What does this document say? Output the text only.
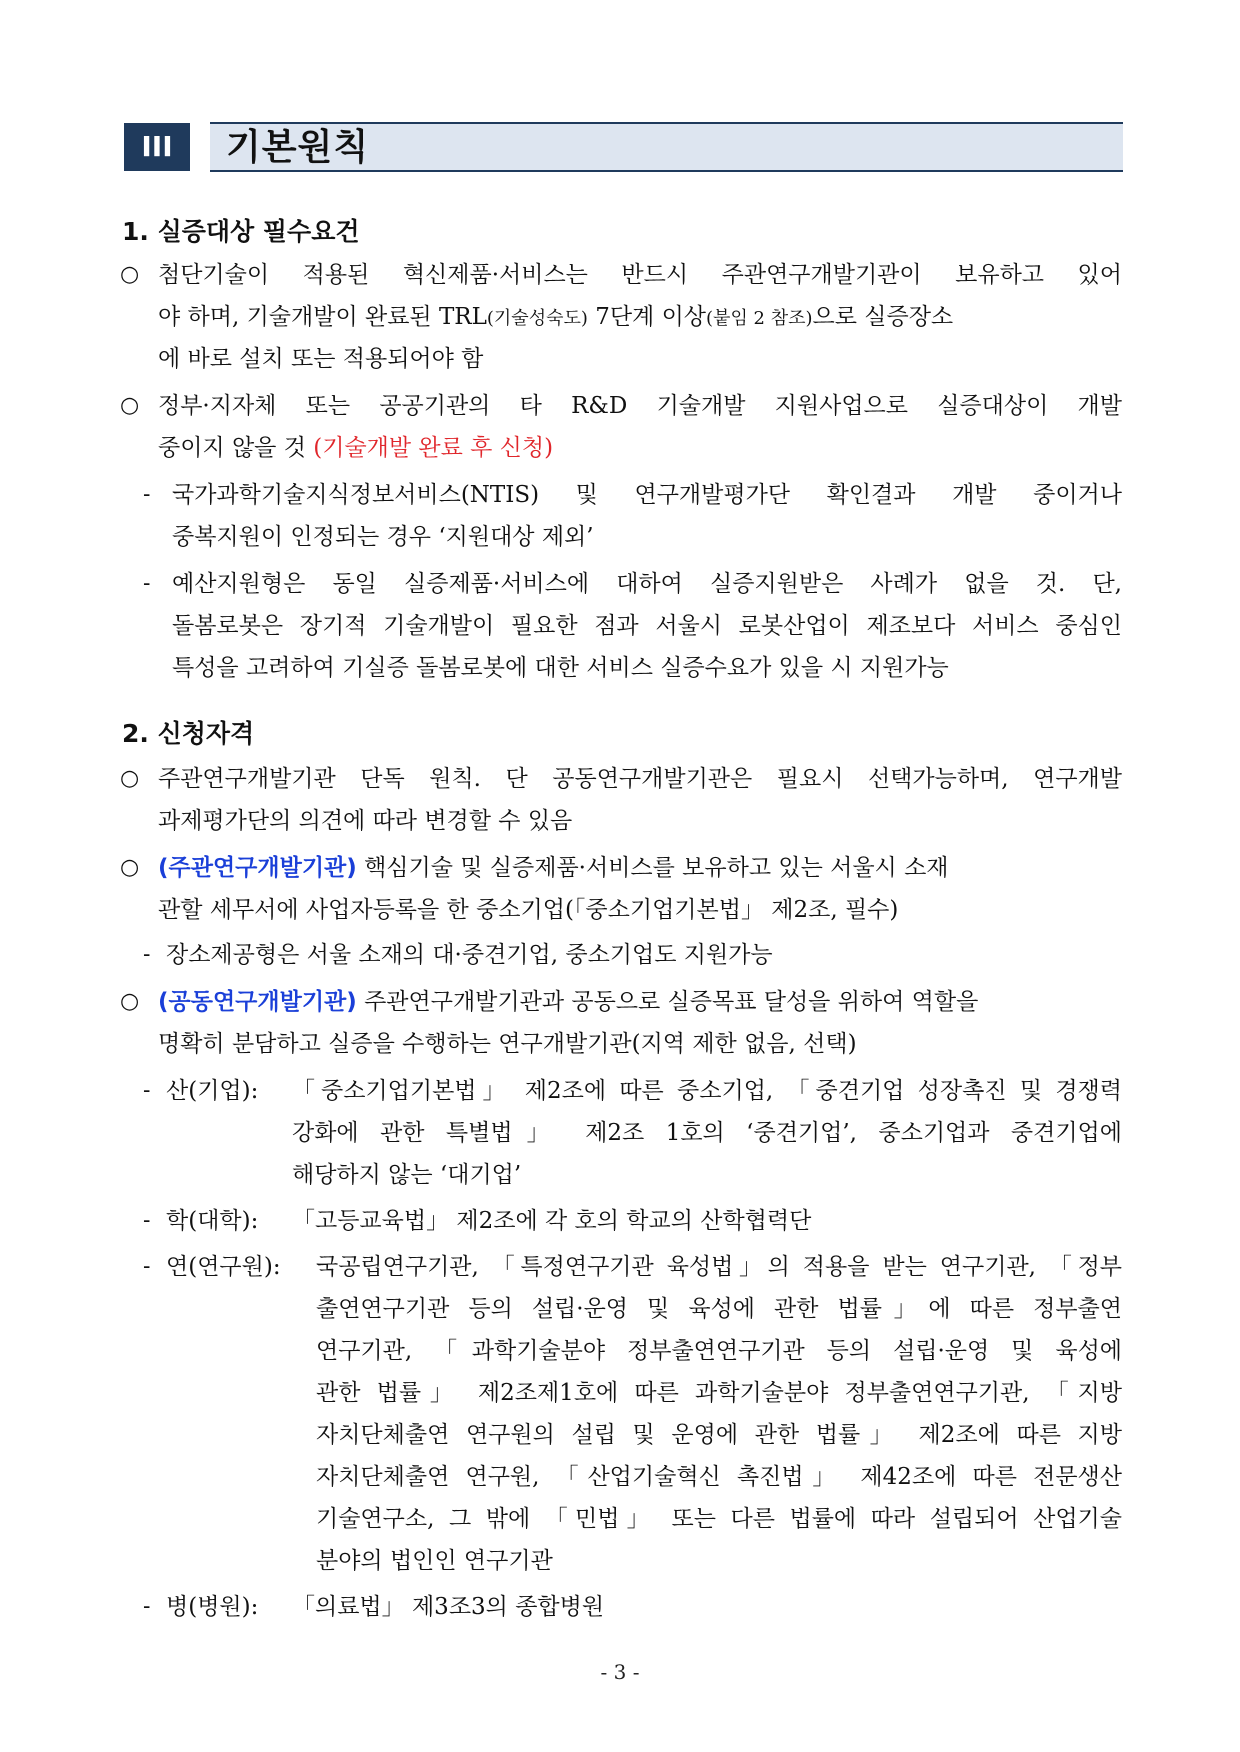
III	기본원칙
1. 실증대상 필수요건
○ 첨단기술이 적용된 혁신제품·서비스는 반드시 주관연구개발기관이 보유하고 있어
야 하며, 기술개발이 완료된 TRL(기술성숙도) 7단계 이상(붙임 2 참조)으로 실증장소
에 바로 설치 또는 적용되어야 함
○ 정부·지자체 또는 공공기관의 타 R&D 기술개발 지원사업으로 실증대상이 개발
중이지 않을 것 (기술개발 완료 후 신청)
- 국가과학기술지식정보서비스(NTIS) 및 연구개발평가단 확인결과 개발 중이거나
중복지원이 인정되는 경우 ‘지원대상 제외’
- 예산지원형은 동일 실증제품·서비스에 대하여 실증지원받은 사례가 없을 것. 단,
돌봄로봇은 장기적 기술개발이 필요한 점과 서울시 로봇산업이 제조보다 서비스 중심인
특성을 고려하여 기실증 돌봄로봇에 대한 서비스 실증수요가 있을 시 지원가능
2. 신청자격
○ 주관연구개발기관 단독 원칙. 단 공동연구개발기관은 필요시 선택가능하며, 연구개발
과제평가단의 의견에 따라 변경할 수 있음
○ (주관연구개발기관) 핵심기술 및 실증제품·서비스를 보유하고 있는 서울시 소재
관할 세무서에 사업자등록을 한 중소기업(「중소기업기본법」 제2조, 필수)
- 장소제공형은 서울 소재의 대·중견기업, 중소기업도 지원가능
○ (공동연구개발기관) 주관연구개발기관과 공동으로 실증목표 달성을 위하여 역할을
명확히 분담하고 실증을 수행하는 연구개발기관(지역 제한 없음, 선택)
- 산(기업): 「중소기업기본법」 제2조에 따른 중소기업, 「중견기업 성장촉진 및 경쟁력
강화에 관한 특별법」 제2조 1호의 ‘중견기업’, 중소기업과 중견기업에
해당하지 않는 ‘대기업’
- 학(대학): 「고등교육법」 제2조에 각 호의 학교의 산학협력단
- 연(연구원): 국공립연구기관, 「특정연구기관 육성법」의 적용을 받는 연구기관, 「정부
출연연구기관 등의 설립·운영 및 육성에 관한 법률」에 따른 정부출연
연구기관, 「과학기술분야 정부출연연구기관 등의 설립·운영 및 육성에
관한 법률」 제2조제1호에 따른 과학기술분야 정부출연연구기관, 「지방
자치단체출연 연구원의 설립 및 운영에 관한 법률」 제2조에 따른 지방
자치단체출연 연구원, 「산업기술혁신 촉진법」 제42조에 따른 전문생산
기술연구소, 그 밖에 「민법」 또는 다른 법률에 따라 설립되어 산업기술
분야의 법인인 연구기관
- 병(병원): 「의료법」 제3조3의 종합병원
- 3 -
